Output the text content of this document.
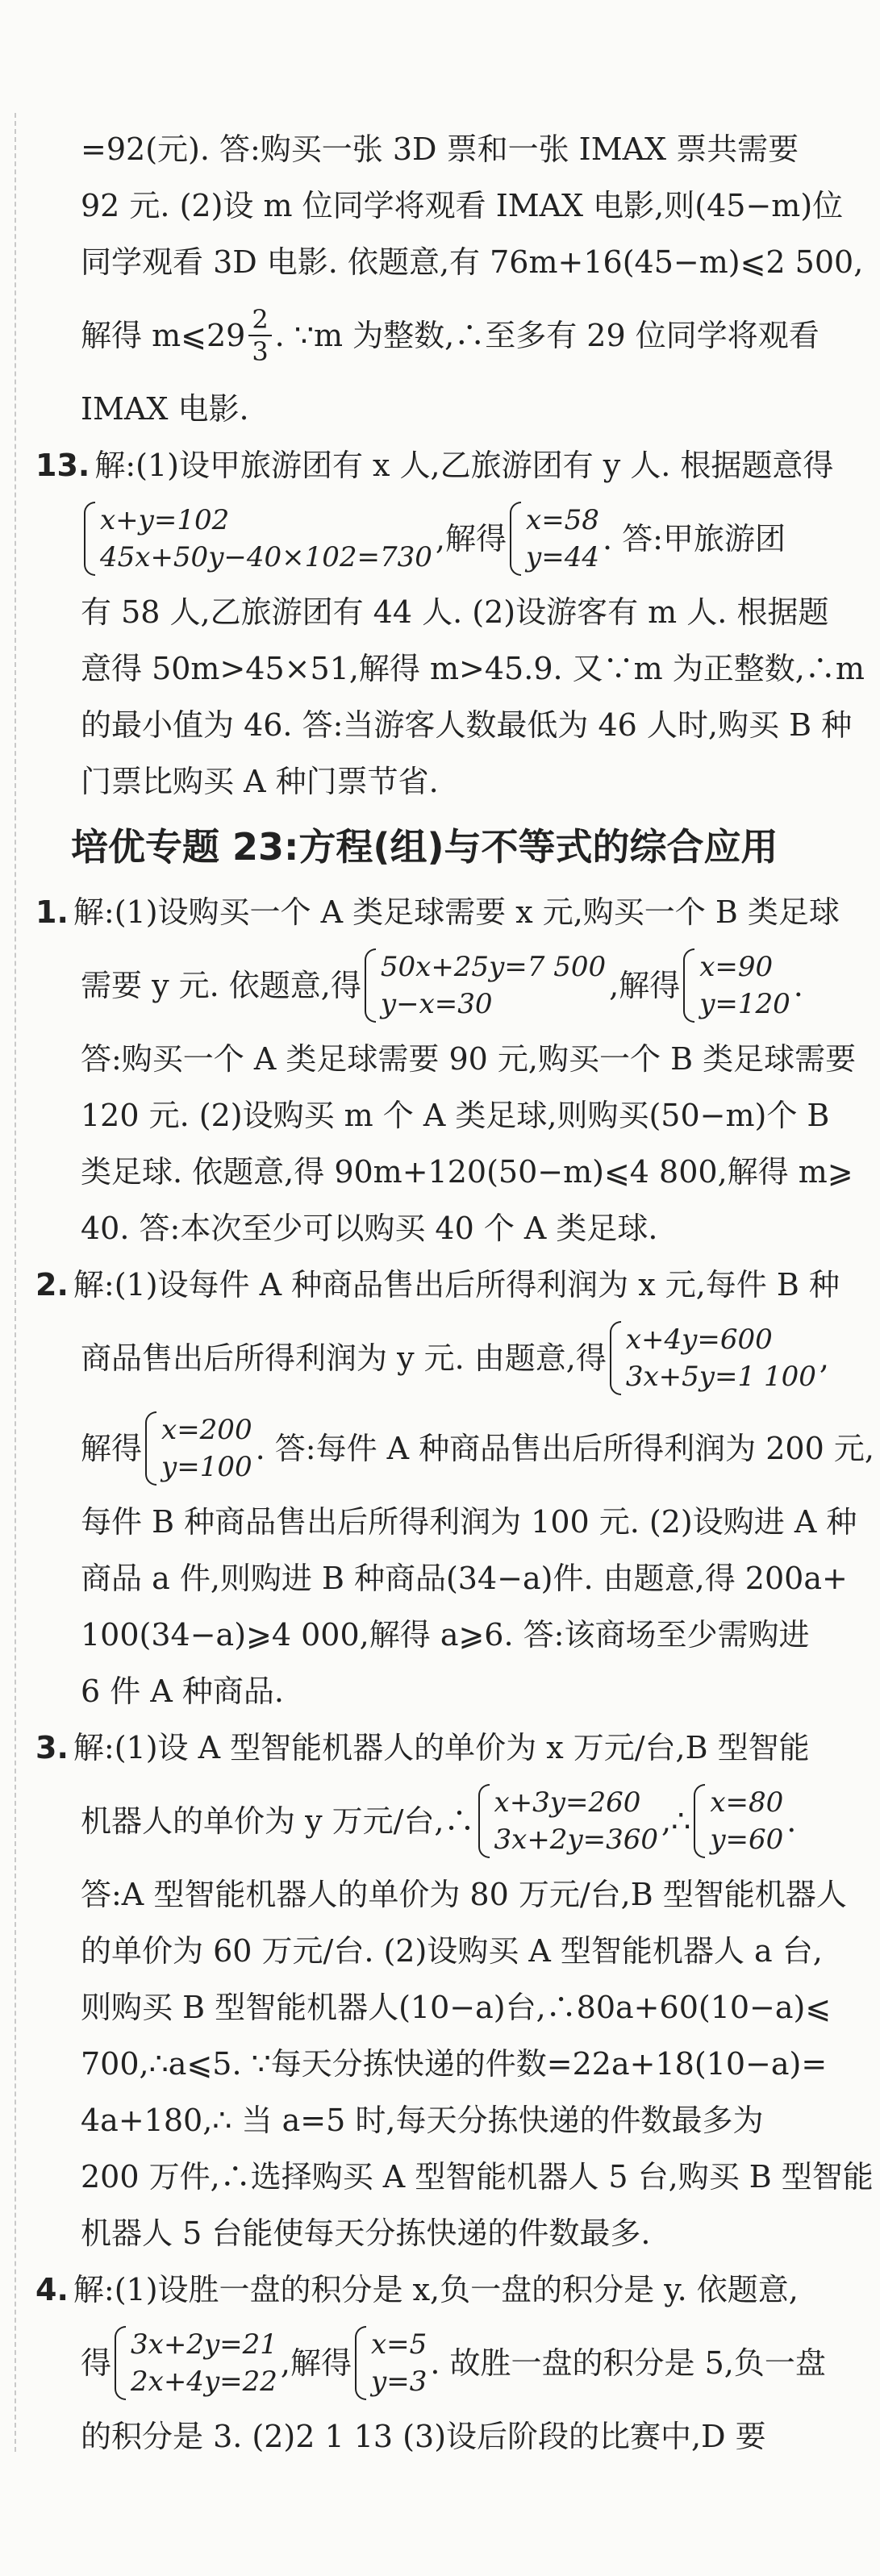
=92(元). 答:购买一张 3D 票和一张 IMAX 票共需要
92 元. (2)设 m 位同学将观看 IMAX 电影,则(45−m)位
同学观看 3D 电影. 依题意,有 76m+16(45−m)⩽2 500,
解得 m⩽29 $\frac{2}{3}$ . ∵m 为整数,∴至多有 29 位同学将观看
IMAX 电影.
13. 解:(1)设甲旅游团有 x 人,乙旅游团有 y 人. 根据题意得
x+y=102
45x+50y−40×102=730
,解得
x=58
y=44
. 答:甲旅游团
有 58 人,乙旅游团有 44 人. (2)设游客有 m 人. 根据题
意得 50m>45×51,解得 m>45.9. 又∵m 为正整数,∴m
的最小值为 46. 答:当游客人数最低为 46 人时,购买 B 种
门票比购买 A 种门票节省.
培优专题 23:方程(组)与不等式的综合应用
1. 解:(1)设购买一个 A 类足球需要 x 元,购买一个 B 类足球
需要 y 元. 依题意,得
50x+25y=7 500
y−x=30
,解得
x=90
y=120
.
答:购买一个 A 类足球需要 90 元,购买一个 B 类足球需要
120 元. (2)设购买 m 个 A 类足球,则购买(50−m)个 B
类足球. 依题意,得 90m+120(50−m)⩽4 800,解得 m⩾
40. 答:本次至少可以购买 40 个 A 类足球.
2. 解:(1)设每件 A 种商品售出后所得利润为 x 元,每件 B 种
商品售出后所得利润为 y 元. 由题意,得
x+4y=600
3x+5y=1 100
,
解得
x=200
y=100
. 答:每件 A 种商品售出后所得利润为 200 元,
每件 B 种商品售出后所得利润为 100 元. (2)设购进 A 种
商品 a 件,则购进 B 种商品(34−a)件. 由题意,得 200a+
100(34−a)⩾4 000,解得 a⩾6. 答:该商场至少需购进
6 件 A 种商品.
3. 解:(1)设 A 型智能机器人的单价为 x 万元/台,B 型智能
机器人的单价为 y 万元/台,∴
x+3y=260
3x+2y=360
,∴
x=80
y=60
.
答:A 型智能机器人的单价为 80 万元/台,B 型智能机器人
的单价为 60 万元/台. (2)设购买 A 型智能机器人 a 台,
则购买 B 型智能机器人(10−a)台,∴80a+60(10−a)⩽
700,∴a⩽5. ∵每天分拣快递的件数=22a+18(10−a)=
4a+180,∴ 当 a=5 时,每天分拣快递的件数最多为
200 万件,∴选择购买 A 型智能机器人 5 台,购买 B 型智能
机器人 5 台能使每天分拣快递的件数最多.
4. 解:(1)设胜一盘的积分是 x,负一盘的积分是 y. 依题意,
得
3x+2y=21
2x+4y=22
,解得
x=5
y=3
. 故胜一盘的积分是 5,负一盘
的积分是 3. (2)2 1 13 (3)设后阶段的比赛中,D 要
